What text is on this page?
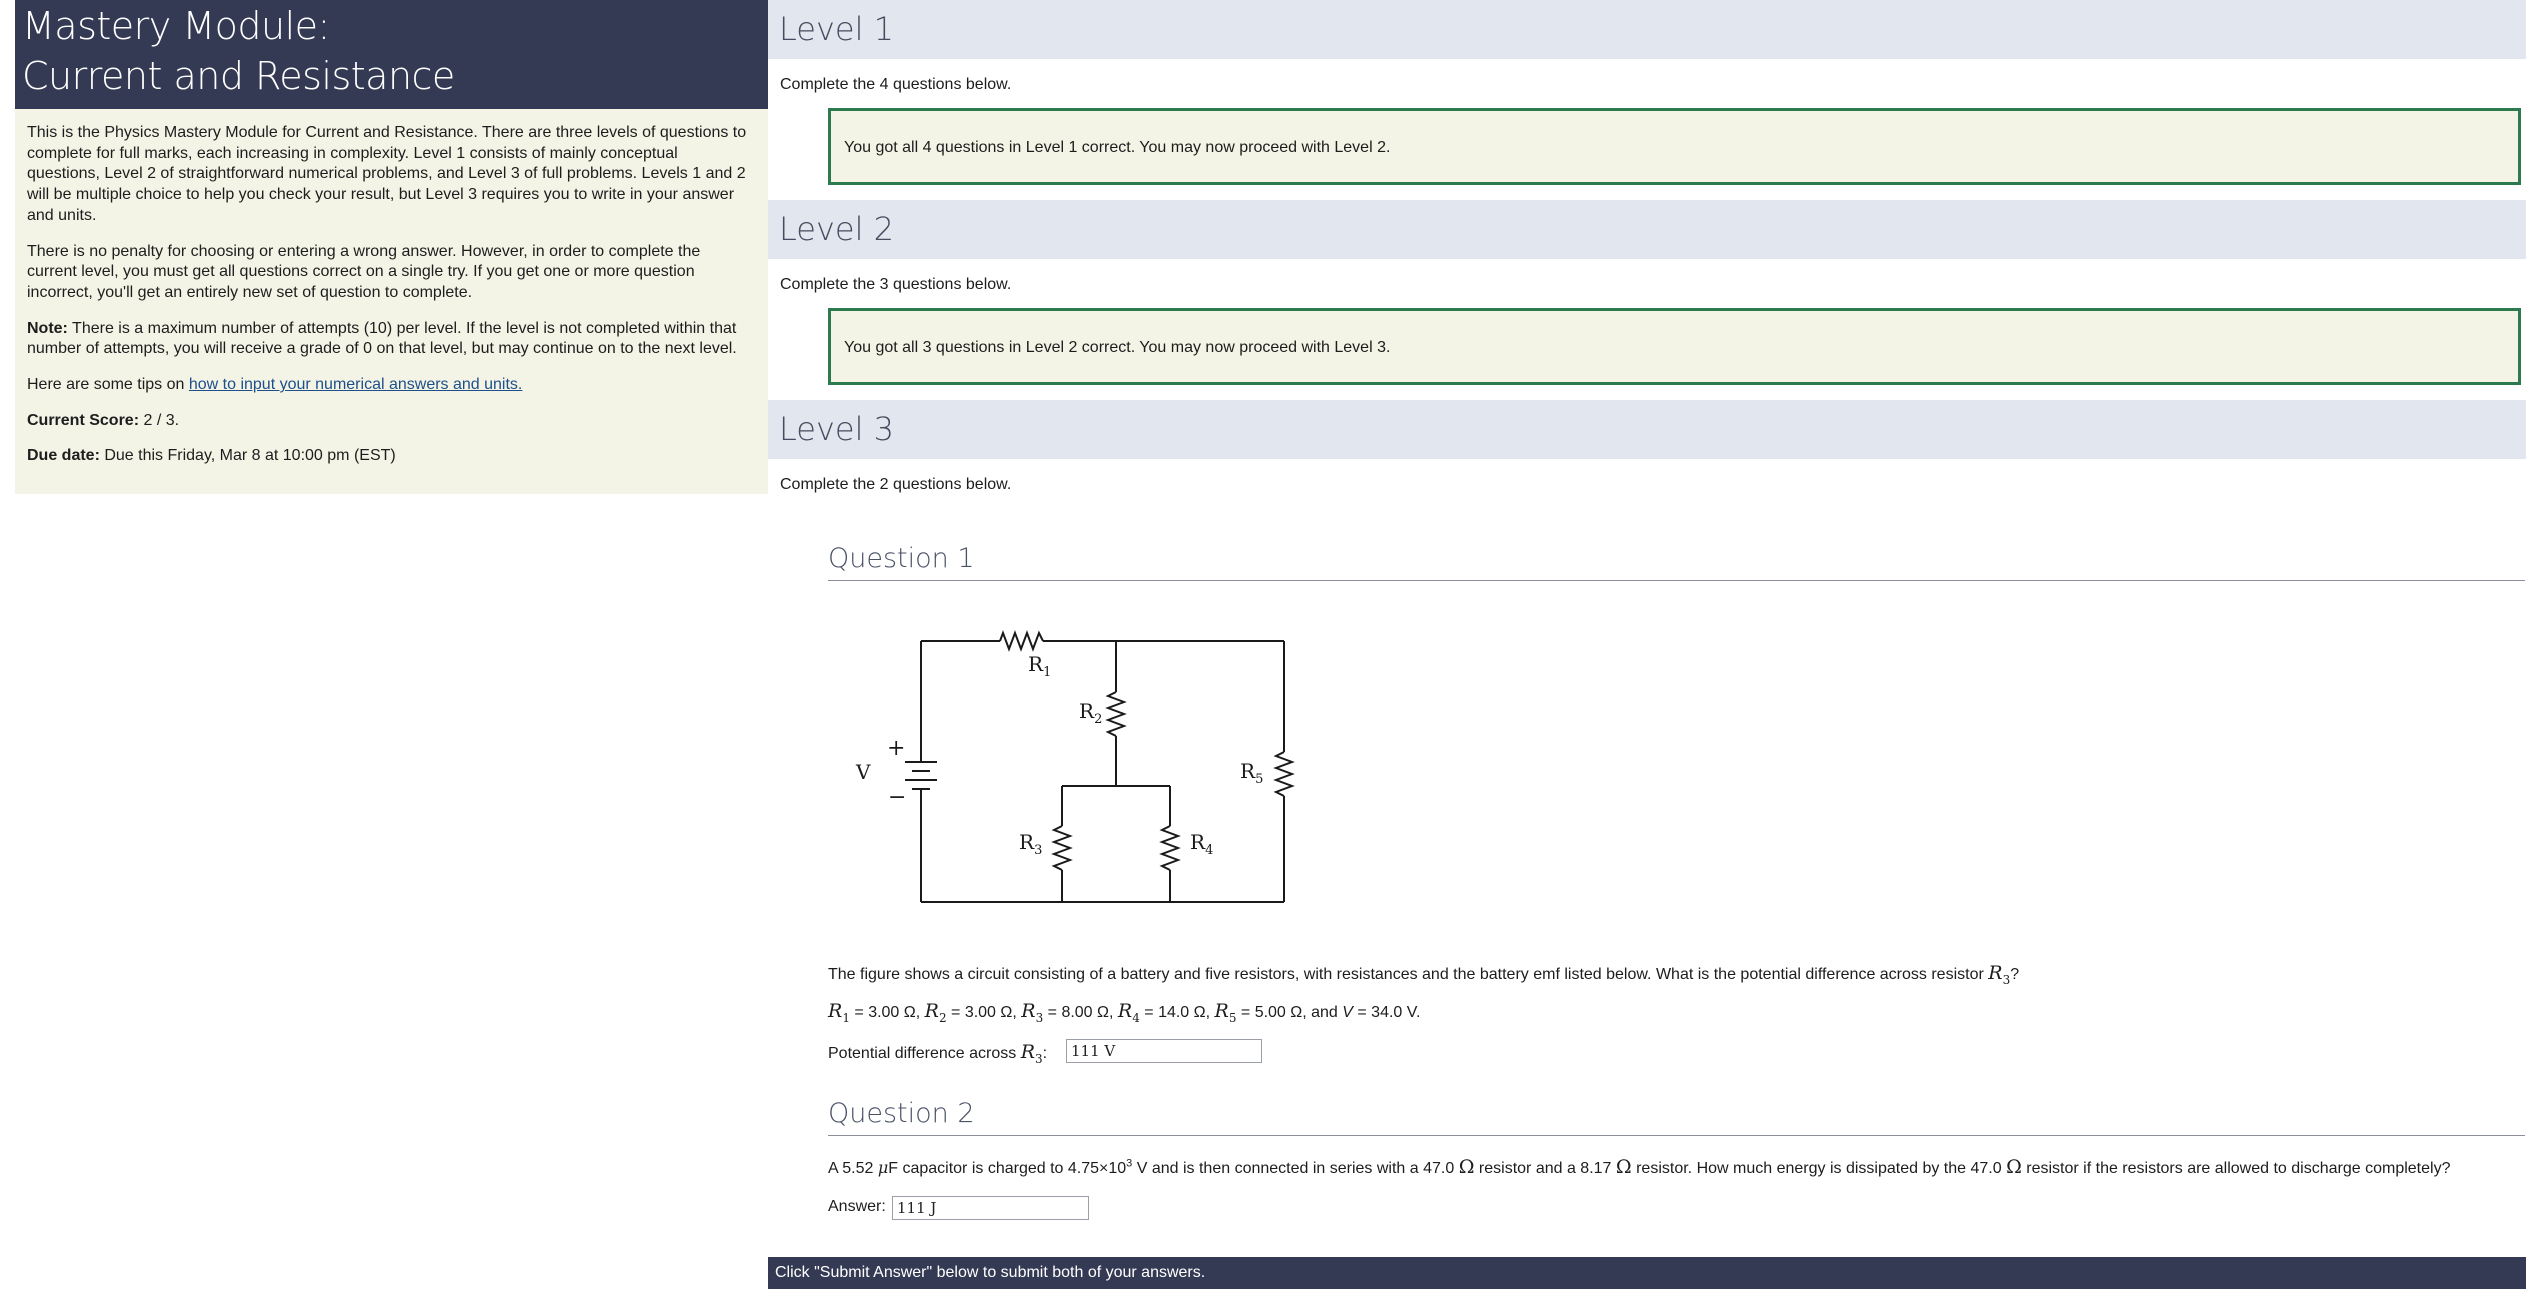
Mastery Module:
Current and Resistance

This is the Physics Mastery Module for Current and Resistance. There are three levels of questions to complete for full marks, each increasing in complexity. Level 1 consists of mainly conceptual questions, Level 2 of straightforward numerical problems, and Level 3 of full problems. Levels 1 and 2 will be multiple choice to help you check your result, but Level 3 requires you to write in your answer and units.

There is no penalty for choosing or entering a wrong answer. However, in order to complete the current level, you must get all questions correct on a single try. If you get one or more question incorrect, you'll get an entirely new set of question to complete.

Note: There is a maximum number of attempts (10) per level. If the level is not completed within that number of attempts, you will receive a grade of 0 on that level, but may continue on to the next level.

Here are some tips on how to input your numerical answers and units.

Current Score: 2 / 3.

Due date: Due this Friday, Mar 8 at 10:00 pm (EST)

Level 1
Complete the 4 questions below.
You got all 4 questions in Level 1 correct. You may now proceed with Level 2.
Level 2
Complete the 3 questions below.
You got all 3 questions in Level 2 correct. You may now proceed with Level 3.
Level 3
Complete the 2 questions below.
Question 1
$R_1$
$R_2$
$R_3$	$R_4$
$R_5$
V
+
−
The figure shows a circuit consisting of a battery and five resistors, with resistances and the battery emf listed below. What is the potential difference across resistor $R_3$?
$R_1 = 3.00$ Ω, $R_2 = 3.00$ Ω, $R_3 = 8.00$ Ω, $R_4 = 14.0$ Ω, $R_5 = 5.00$ Ω, and V = 34.0 V.
Potential difference across $R_3$:	111 V
Question 2
A 5.52 μF capacitor is charged to $4.75\times 10^3$ V and is then connected in series with a 47.0 Ω resistor and a 8.17 Ω resistor. How much energy is dissipated by the 47.0 Ω resistor if the resistors are allowed to discharge completely?
Answer: 111 J
Click "Submit Answer" below to submit both of your answers.
